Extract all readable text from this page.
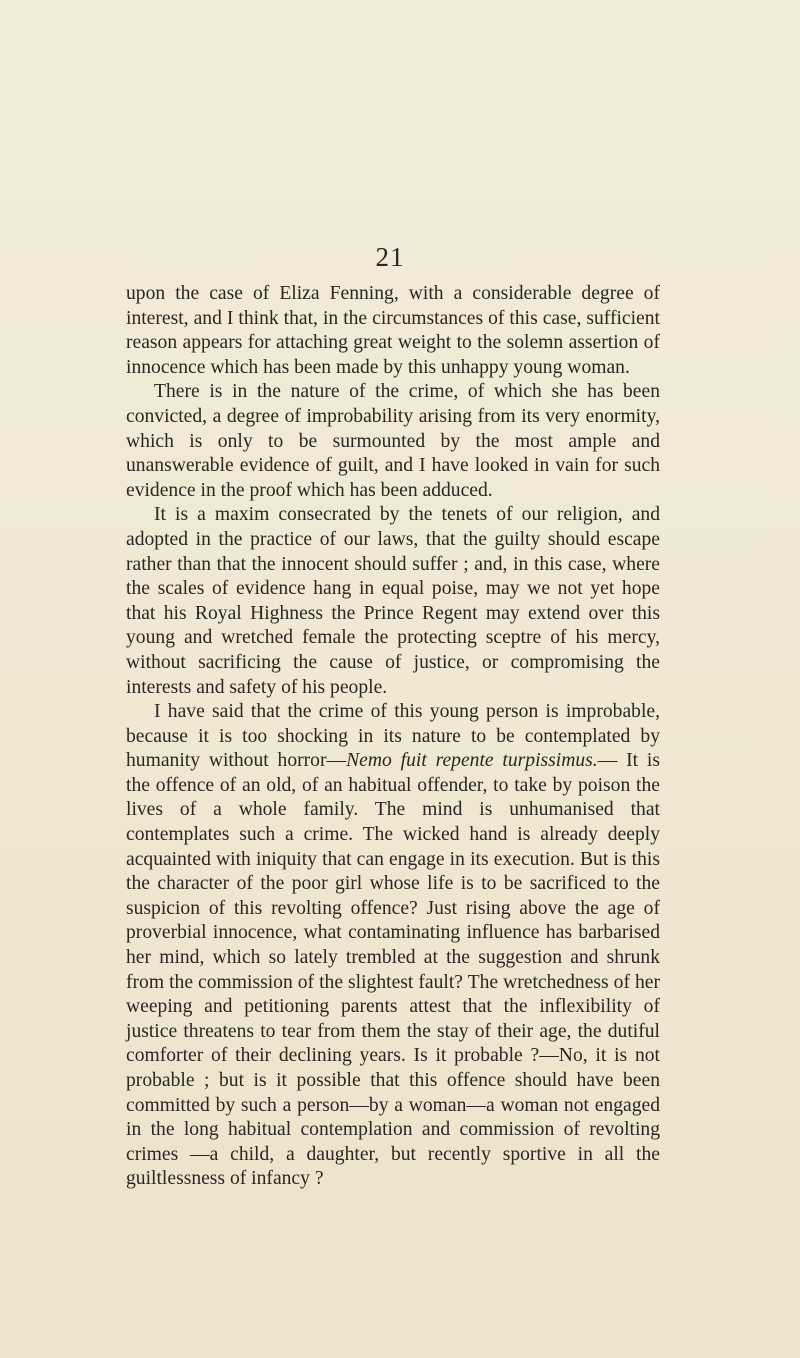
21

upon the case of Eliza Fenning, with a considerable degree of interest, and I think that, in the circumstances of this case, sufficient reason appears for attaching great weight to the solemn assertion of innocence which has been made by this unhappy young woman.

There is in the nature of the crime, of which she has been convicted, a degree of improbability arising from its very enormity, which is only to be surmounted by the most ample and unanswerable evidence of guilt, and I have looked in vain for such evidence in the proof which has been adduced.

It is a maxim consecrated by the tenets of our religion, and adopted in the practice of our laws, that the guilty should escape rather than that the innocent should suffer ; and, in this case, where the scales of evidence hang in equal poise, may we not yet hope that his Royal Highness the Prince Regent may extend over this young and wretched female the protecting sceptre of his mercy, without sacrificing the cause of justice, or compromising the interests and safety of his people.

I have said that the crime of this young person is improbable, because it is too shocking in its nature to be contemplated by humanity without horror—Nemo fuit repente turpissimus.— It is the offence of an old, of an habitual offender, to take by poison the lives of a whole family. The mind is unhumanised that contemplates such a crime. The wicked hand is already deeply acquainted with iniquity that can engage in its execution. But is this the character of the poor girl whose life is to be sacrificed to the suspicion of this revolting offence? Just rising above the age of proverbial innocence, what contaminating influence has barbarised her mind, which so lately trembled at the suggestion and shrunk from the commission of the slightest fault? The wretchedness of her weeping and petitioning parents attest that the inflexibility of justice threatens to tear from them the stay of their age, the dutiful comforter of their declining years. Is it probable ?—No, it is not probable ; but is it possible that this offence should have been committed by such a person—by a woman—a woman not engaged in the long habitual contemplation and commission of revolting crimes —a child, a daughter, but recently sportive in all the guiltlessness of infancy ?
